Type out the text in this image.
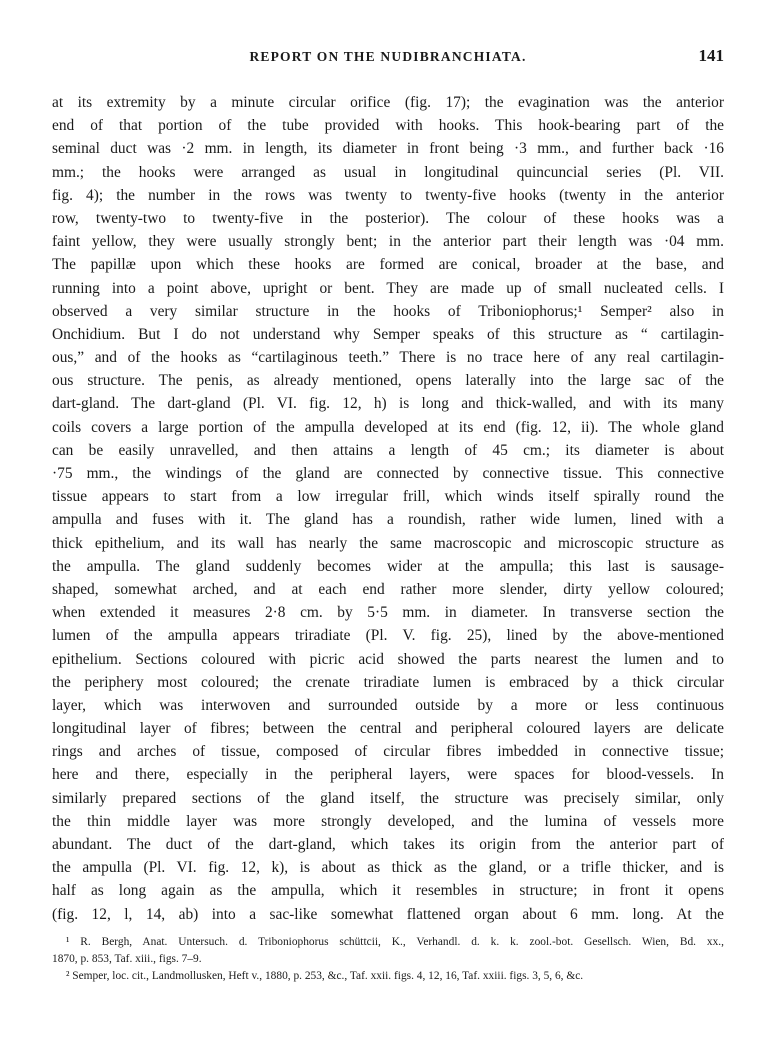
REPORT ON THE NUDIBRANCHIATA.	141
at its extremity by a minute circular orifice (fig. 17); the evagination was the anterior
end of that portion of the tube provided with hooks. This hook-bearing part of the
seminal duct was ·2 mm. in length, its diameter in front being ·3 mm., and further back ·16
mm.; the hooks were arranged as usual in longitudinal quincuncial series (Pl. VII.
fig. 4); the number in the rows was twenty to twenty-five hooks (twenty in the anterior
row, twenty-two to twenty-five in the posterior). The colour of these hooks was a
faint yellow, they were usually strongly bent; in the anterior part their length was ·04 mm.
The papillæ upon which these hooks are formed are conical, broader at the base, and
running into a point above, upright or bent. They are made up of small nucleated cells. I
observed a very similar structure in the hooks of Triboniophorus;¹ Semper² also in
Onchidium. But I do not understand why Semper speaks of this structure as “ cartilagin-
ous,” and of the hooks as “cartilaginous teeth.” There is no trace here of any real cartilagin-
ous structure. The penis, as already mentioned, opens laterally into the large sac of the
dart-gland. The dart-gland (Pl. VI. fig. 12, h) is long and thick-walled, and with its many
coils covers a large portion of the ampulla developed at its end (fig. 12, ii). The whole gland
can be easily unravelled, and then attains a length of 45 cm.; its diameter is about
·75 mm., the windings of the gland are connected by connective tissue. This connective
tissue appears to start from a low irregular frill, which winds itself spirally round the
ampulla and fuses with it. The gland has a roundish, rather wide lumen, lined with a
thick epithelium, and its wall has nearly the same macroscopic and microscopic structure as
the ampulla. The gland suddenly becomes wider at the ampulla; this last is sausage-
shaped, somewhat arched, and at each end rather more slender, dirty yellow coloured;
when extended it measures 2·8 cm. by 5·5 mm. in diameter. In transverse section the
lumen of the ampulla appears triradiate (Pl. V. fig. 25), lined by the above-mentioned
epithelium. Sections coloured with picric acid showed the parts nearest the lumen and to
the periphery most coloured; the crenate triradiate lumen is embraced by a thick circular
layer, which was interwoven and surrounded outside by a more or less continuous
longitudinal layer of fibres; between the central and peripheral coloured layers are delicate
rings and arches of tissue, composed of circular fibres imbedded in connective tissue;
here and there, especially in the peripheral layers, were spaces for blood-vessels. In
similarly prepared sections of the gland itself, the structure was precisely similar, only
the thin middle layer was more strongly developed, and the lumina of vessels more
abundant. The duct of the dart-gland, which takes its origin from the anterior part of
the ampulla (Pl. VI. fig. 12, k), is about as thick as the gland, or a trifle thicker, and is
half as long again as the ampulla, which it resembles in structure; in front it opens
(fig. 12, l, 14, ab) into a sac-like somewhat flattened organ about 6 mm. long. At the
¹ R. Bergh, Anat. Untersuch. d. Triboniophorus schüttcii, K., Verhandl. d. k. k. zool.-bot. Gesellsch. Wien, Bd. xx.,
1870, p. 853, Taf. xiii., figs. 7–9.
² Semper, loc. cit., Landmollusken, Heft v., 1880, p. 253, &c., Taf. xxii. figs. 4, 12, 16, Taf. xxiii. figs. 3, 5, 6, &c.
